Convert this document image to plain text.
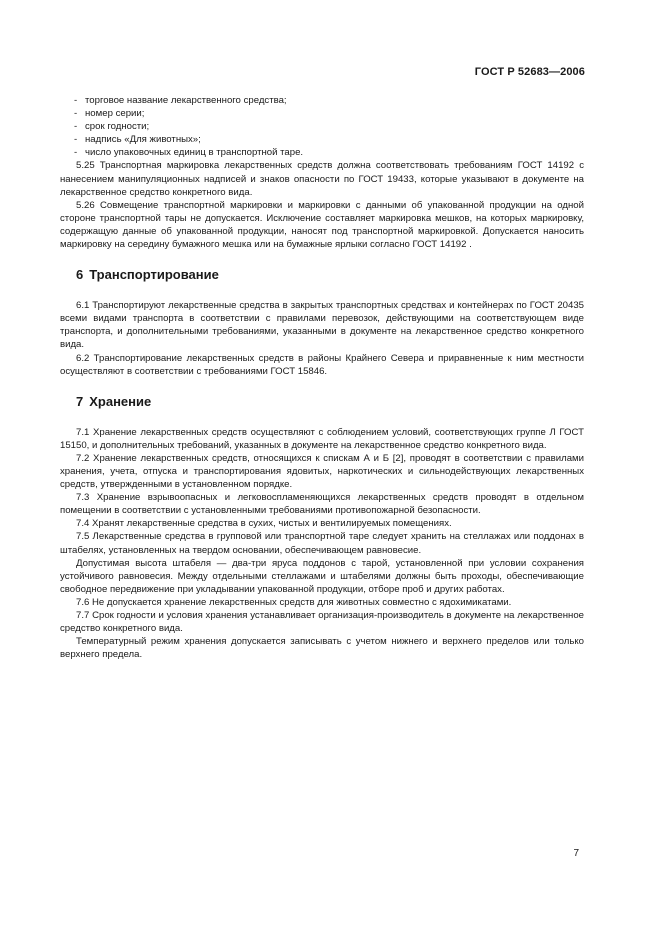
ГОСТ Р 52683—2006
- торговое название лекарственного средства;
- номер серии;
- срок годности;
- надпись «Для животных»;
- число упаковочных единиц в транспортной таре.

5.25 Транспортная маркировка лекарственных средств должна соответствовать требованиям ГОСТ 14192 с нанесением манипуляционных надписей и знаков опасности по ГОСТ 19433, которые указывают в документе на лекарственное средство конкретного вида.

5.26 Совмещение транспортной маркировки и маркировки с данными об упакованной продукции на одной стороне транспортной тары не допускается. Исключение составляет маркировка мешков, на которых маркировку, содержащую данные об упакованной продукции, наносят под транспортной маркировкой. Допускается наносить маркировку на середину бумажного мешка или на бумажные ярлыки согласно ГОСТ 14192 .

6 Транспортирование

6.1 Транспортируют лекарственные средства в закрытых транспортных средствах и контейнерах по ГОСТ 20435 всеми видами транспорта в соответствии с правилами перевозок, действующими на соответствующем виде транспорта, и дополнительными требованиями, указанными в документе на лекарственное средство конкретного вида.

6.2 Транспортирование лекарственных средств в районы Крайнего Севера и приравненные к ним местности осуществляют в соответствии с требованиями ГОСТ 15846.

7 Хранение

7.1 Хранение лекарственных средств осуществляют с соблюдением условий, соответствующих группе Л ГОСТ 15150, и дополнительных требований, указанных в документе на лекарственное средство конкретного вида.

7.2 Хранение лекарственных средств, относящихся к спискам А и Б [2], проводят в соответствии с правилами хранения, учета, отпуска и транспортирования ядовитых, наркотических и сильнодействующих лекарственных средств, утвержденными в установленном порядке.

7.3 Хранение взрывоопасных и легковоспламеняющихся лекарственных средств проводят в отдельном помещении в соответствии с установленными требованиями противопожарной безопасности.

7.4 Хранят лекарственные средства в сухих, чистых и вентилируемых помещениях.

7.5 Лекарственные средства в групповой или транспортной таре следует хранить на стеллажах или поддонах в штабелях, установленных на твердом основании, обеспечивающем равновесие.

Допустимая высота штабеля — два-три яруса поддонов с тарой, установленной при условии сохранения устойчивого равновесия. Между отдельными стеллажами и штабелями должны быть проходы, обеспечивающие свободное передвижение при укладывании упакованной продукции, отборе проб и других работах.

7.6 Не допускается хранение лекарственных средств для животных совместно с ядохимикатами.

7.7 Срок годности и условия хранения устанавливает организация-производитель в документе на лекарственное средство конкретного вида.

Температурный режим хранения допускается записывать с учетом нижнего и верхнего пределов или только верхнего предела.

7
